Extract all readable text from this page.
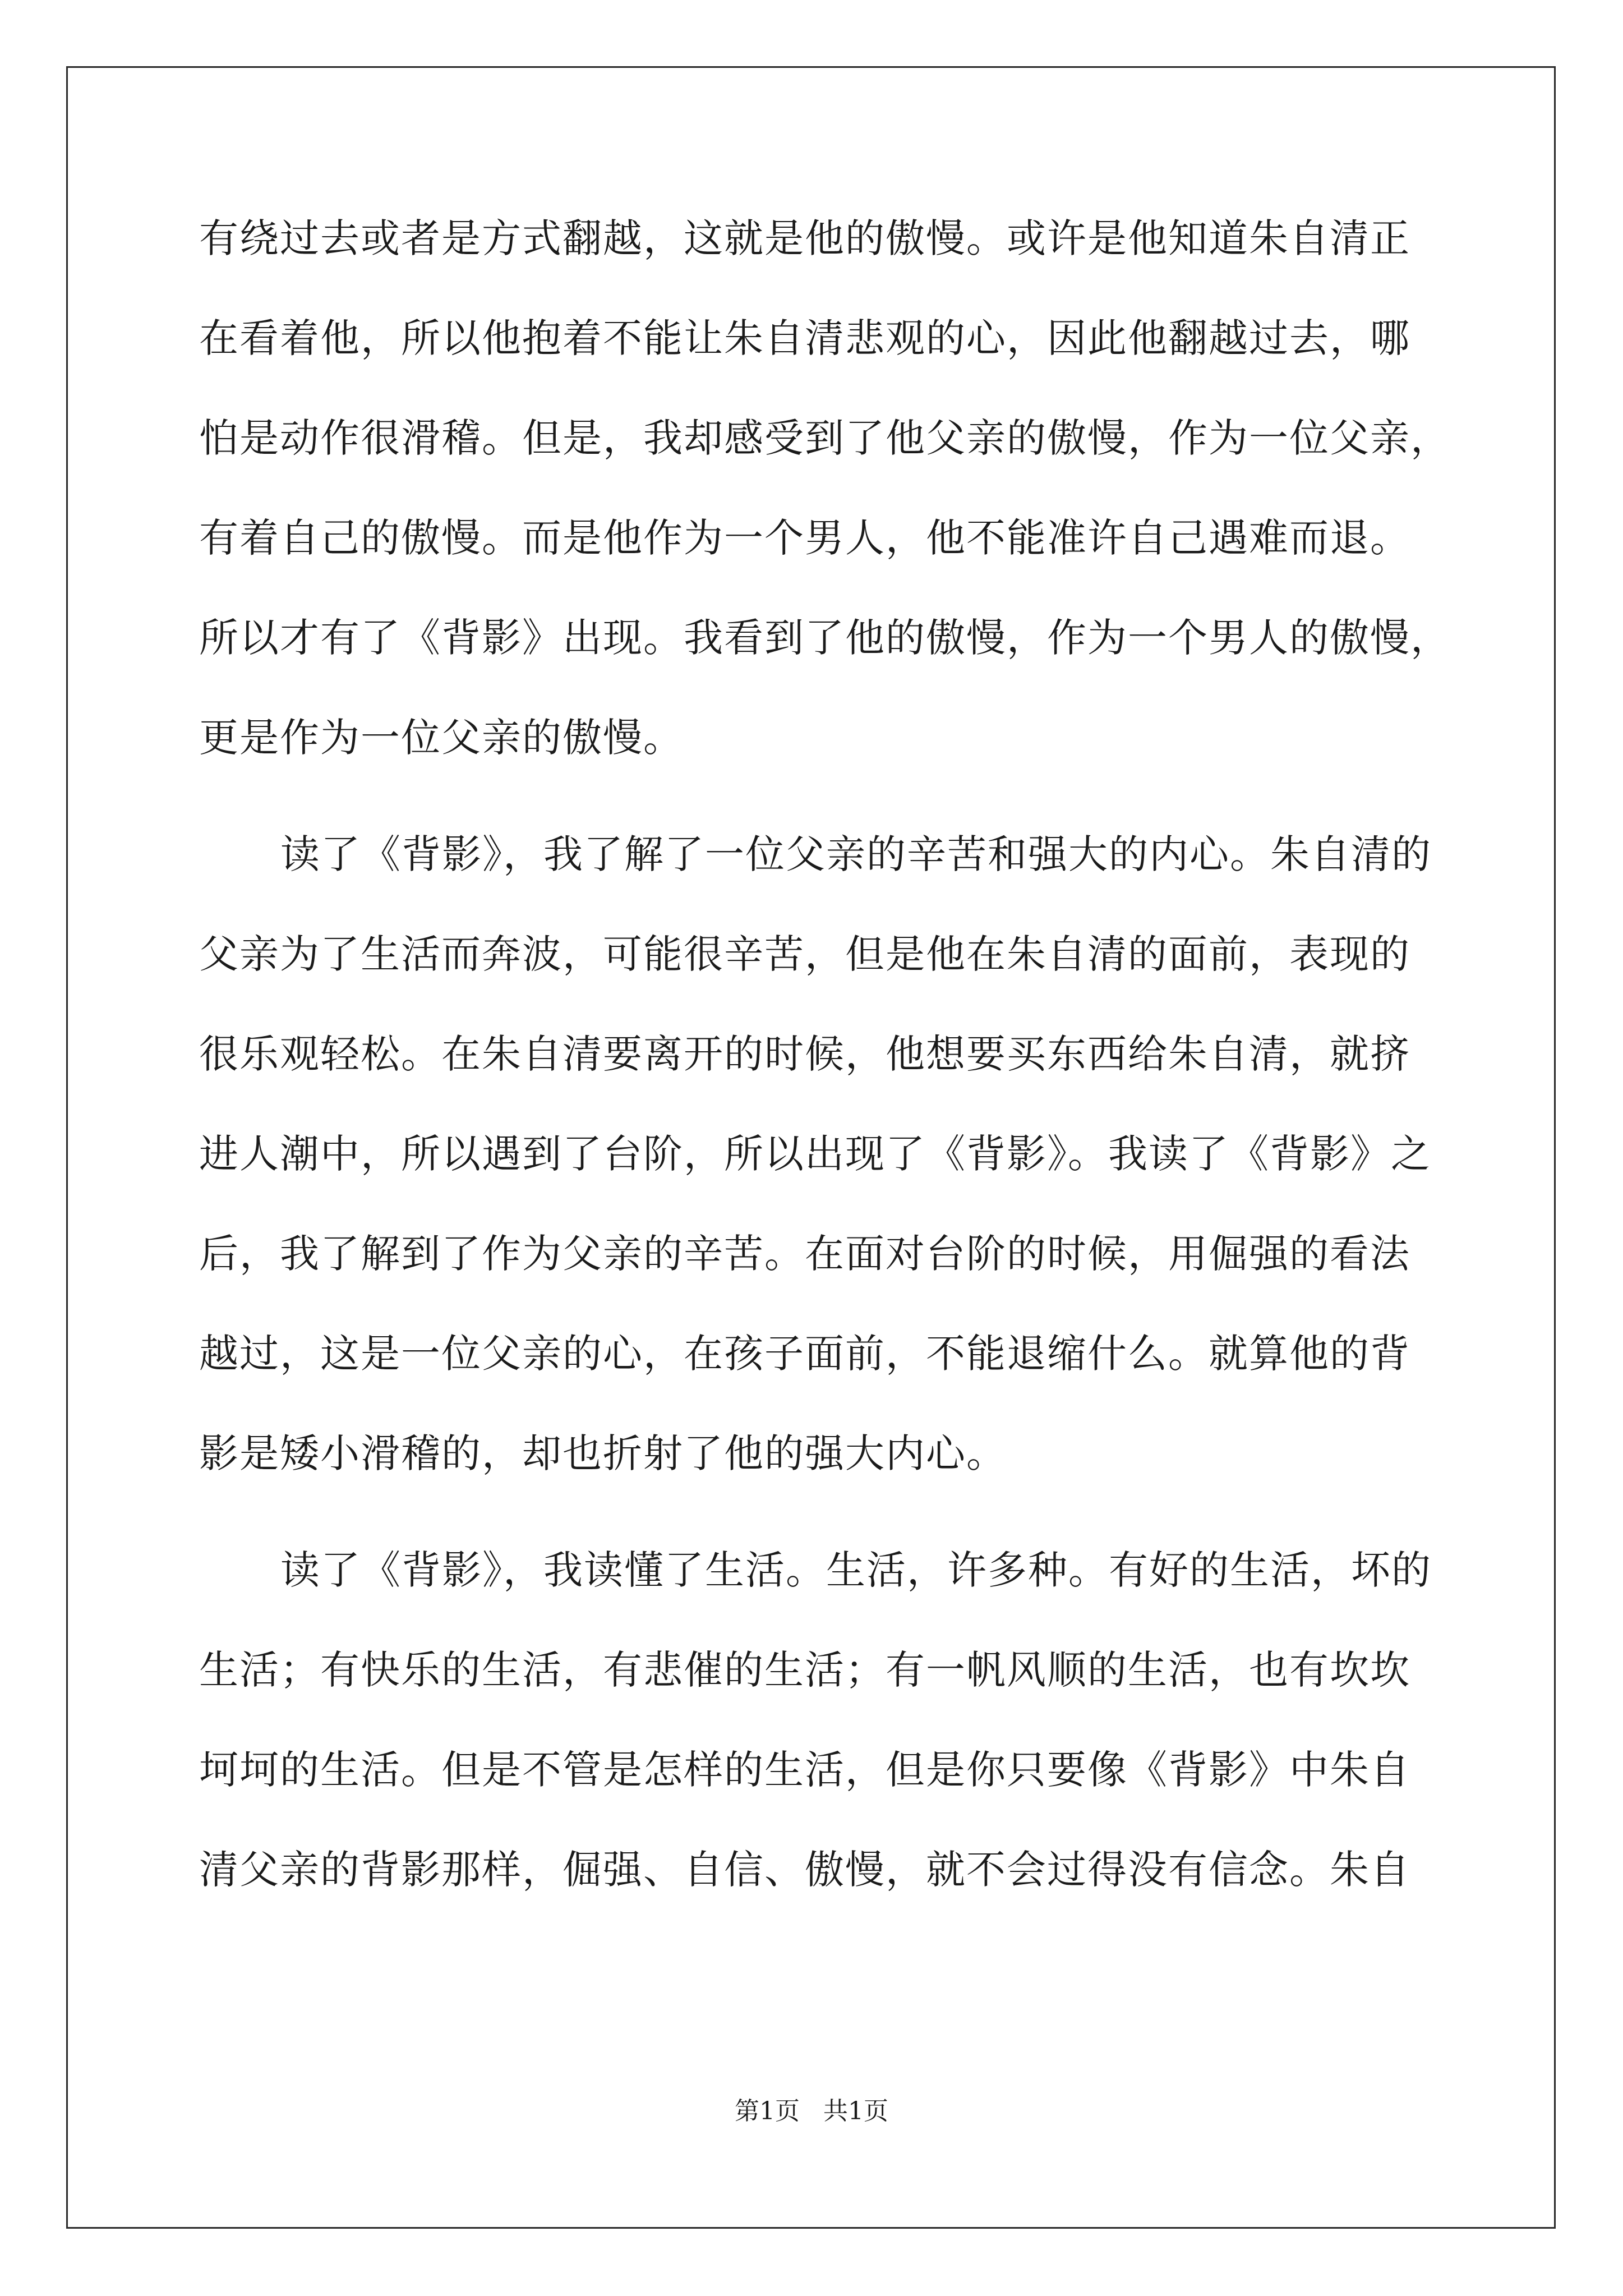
有绕过去或者是方式翻越，这就是他的傲慢。或许是他知道朱自清正
在看着他，所以他抱着不能让朱自清悲观的心，因此他翻越过去，哪
怕是动作很滑稽。但是，我却感受到了他父亲的傲慢，作为一位父亲，
有着自己的傲慢。而是他作为一个男人，他不能准许自己遇难而退。
所以才有了《背影》出现。我看到了他的傲慢，作为一个男人的傲慢，
更是作为一位父亲的傲慢。
读了《背影》，我了解了一位父亲的辛苦和强大的内心。朱自清的
父亲为了生活而奔波，可能很辛苦，但是他在朱自清的面前，表现的
很乐观轻松。在朱自清要离开的时候，他想要买东西给朱自清，就挤
进人潮中，所以遇到了台阶，所以出现了《背影》。我读了《背影》之
后，我了解到了作为父亲的辛苦。在面对台阶的时候，用倔强的看法
越过，这是一位父亲的心，在孩子面前，不能退缩什么。就算他的背
影是矮小滑稽的，却也折射了他的强大内心。
读了《背影》，我读懂了生活。生活，许多种。有好的生活，坏的
生活；有快乐的生活，有悲催的生活；有一帆风顺的生活，也有坎坎
坷坷的生活。但是不管是怎样的生活，但是你只要像《背影》中朱自
清父亲的背影那样，倔强、自信、傲慢，就不会过得没有信念。朱自
第1页 共1页
